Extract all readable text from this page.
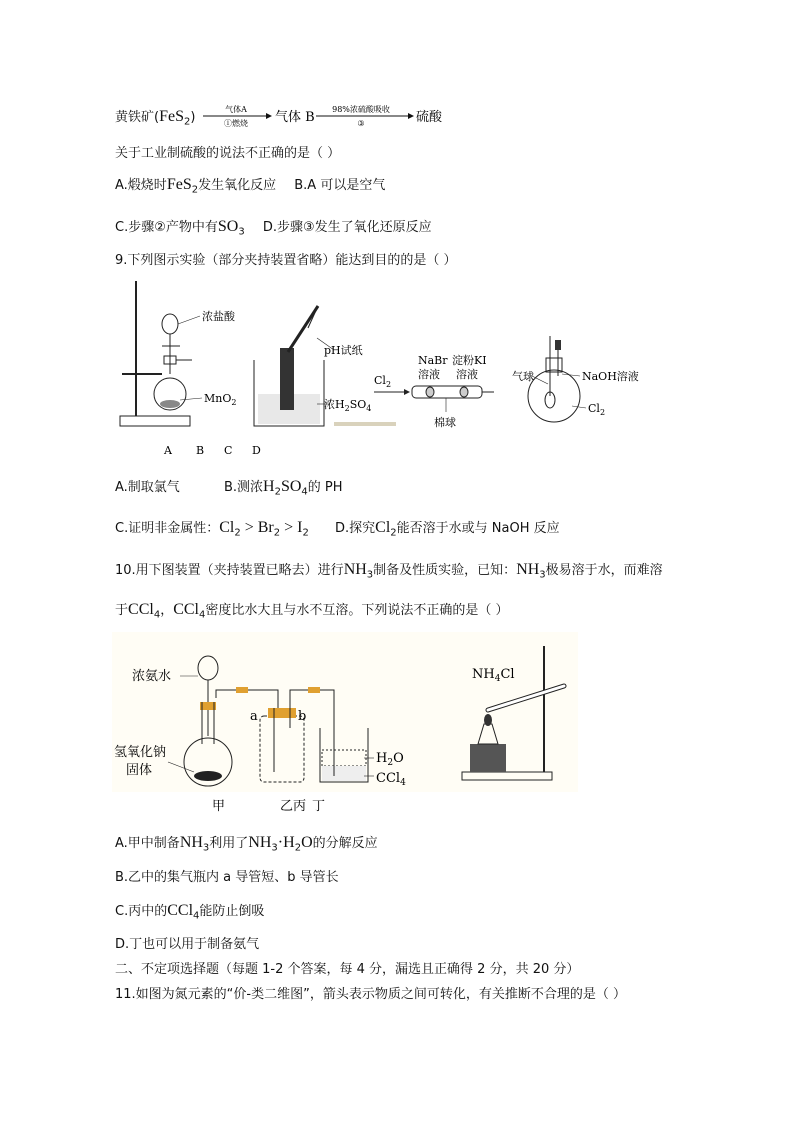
黄铁矿(FeS$_2$)
气体A
①燃烧 气体 B
98%浓硫酸吸收
③	硫酸
关于工业制硫酸的说法不正确的是（ ）
A.煅烧时FeS$_2$发生氧化反应 B.A 可以是空气
C.步骤②产物中有$SO_3$ D.步骤③发生了氧化还原反应
9.下列图示实验（部分夹持装置省略）能达到目的的是（ ）
浓盐酸
MnO$_2$
pH试纸
浓$H_2SO_4$
$Cl_2$
NaBr
溶液
淀粉KI
溶液
棉球
气球	NaOH溶液
$Cl_2$
A B C D
A.制取氯气	B.测浓$H_2SO_4$的 PH
C.证明非金属性：$Cl_2 > Br_2 > I_2$ D.探究$Cl_2$能否溶于水或与 NaOH 反应
10.用下图装置（夹持装置已略去）进行$NH_3$制备及性质实验，已知：$NH_3$极易溶于水，而难溶
于CCl$_4$，CCl$_4$密度比水大且与水不互溶。下列说法不正确的是（ ）
浓氨水
氢氧化钠
固体
a	b
$H_2O$
CCl$_4$
$NH_4Cl$
甲	乙丙 丁
A.甲中制备$NH_3$利用了$NH_3\cdot H_2O$的分解反应
B.乙中的集气瓶内 a 导管短、b 导管长
C.丙中的CCl$_4$能防止倒吸
D.丁也可以用于制备氨气
二、不定项选择题（每题 1-2 个答案，每 4 分，漏选且正确得 2 分，共 20 分）
11.如图为氮元素的“价-类二维图”，箭头表示物质之间可转化，有关推断不合理的是（ ）
